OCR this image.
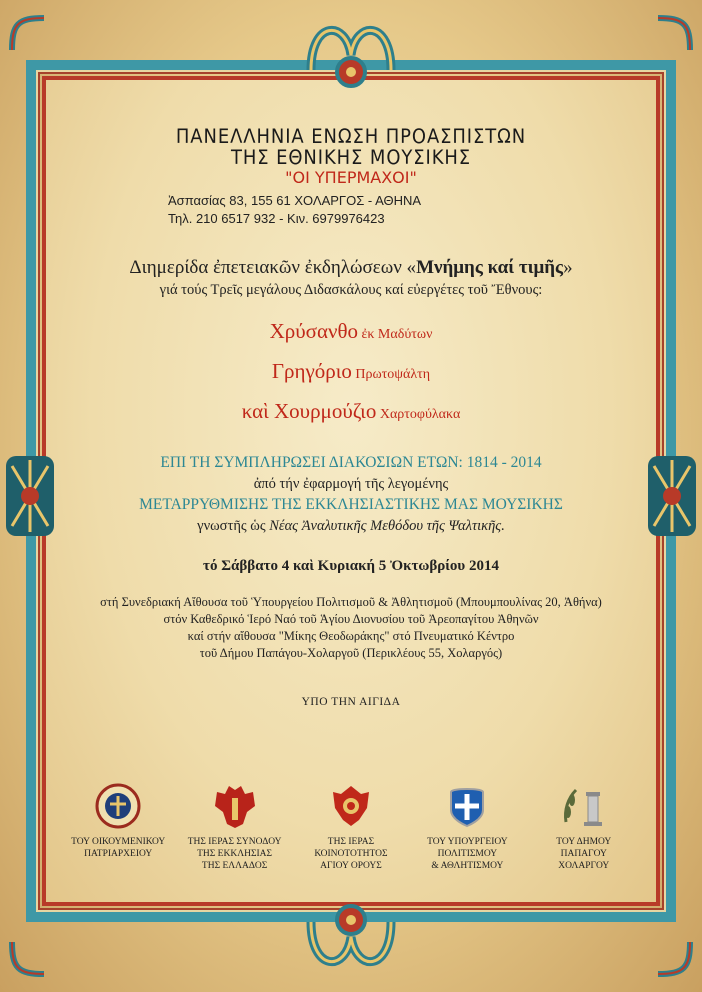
ΠΑΝΕΛΛΗΝΙΑ ΕΝΩΣΗ ΠΡΟΑΣΠΙΣΤΩΝ
ΤΗΣ ΕΘΝΙΚΗΣ ΜΟΥΣΙΚΗΣ
"ΟΙ ΥΠΕΡΜΑΧΟΙ"
Ἀσπασίας 83, 155 61 ΧΟΛΑΡΓΟΣ - ΑΘΗΝΑ
Τηλ. 210 6517 932 - Κιν. 6979976423
Διημερίδα ἐπετειακῶν ἐκδηλώσεων «Μνήμης καί τιμῆς»
γιά τούς Τρεῖς μεγάλους Διδασκάλους καί εὐεργέτες τοῦ Ἔθνους:
Χρύσανθο ἐκ Μαδύτων
Γρηγόριο Πρωτοψάλτη
καὶ Χουρμούζιο Χαρτοφύλακα
ΕΠΙ ΤΗ ΣΥΜΠΛΗΡΩΣΕΙ ΔΙΑΚΟΣΙΩΝ ΕΤΩΝ: 1814 - 2014
ἀπό τήν ἐφαρμογή τῆς λεγομένης
ΜΕΤΑΡΡΥΘΜΙΣΗΣ ΤΗΣ ΕΚΚΛΗΣΙΑΣΤΙΚΗΣ ΜΑΣ ΜΟΥΣΙΚΗΣ
γνωστῆς ὡς Νέας Ἀναλυτικῆς Μεθόδου τῆς Ψαλτικῆς.
τό Σάββατο 4 καὶ Κυριακή 5 Ὀκτωβρίου 2014
στή Συνεδριακή Αἴθουσα τοῦ Ὑπουργείου Πολιτισμοῦ & Ἀθλητισμοῦ (Μπουμπουλίνας 20, Ἀθήνα)
στόν Καθεδρικό Ἱερό Ναό τοῦ Ἁγίου Διονυσίου τοῦ Ἀρεοπαγίτου Ἀθηνῶν
καί στήν αἴθουσα "Μίκης Θεοδωράκης" στό Πνευματικό Κέντρο
τοῦ Δήμου Παπάγου-Χολαργοῦ (Περικλέους 55, Χολαργός)
ΥΠΟ ΤΗΝ ΑΙΓΙΔΑ
ΤΟΥ ΟΙΚΟΥΜΕΝΙΚΟΥ
ΠΑΤΡΙΑΡΧΕΙΟΥ
ΤΗΣ ΙΕΡΑΣ ΣΥΝΟΔΟΥ
ΤΗΣ ΕΚΚΛΗΣΙΑΣ
ΤΗΣ ΕΛΛΑΔΟΣ
ΤΗΣ ΙΕΡΑΣ
ΚΟΙΝΟΤΟΤΗΤΟΣ
ΑΓΙΟΥ ΟΡΟΥΣ
ΤΟΥ ΥΠΟΥΡΓΕΙΟΥ
ΠΟΛΙΤΙΣΜΟΥ
& ΑΘΛΗΤΙΣΜΟΥ
ΤΟΥ ΔΗΜΟΥ
ΠΑΠΑΓΟΥ
ΧΟΛΑΡΓΟΥ
